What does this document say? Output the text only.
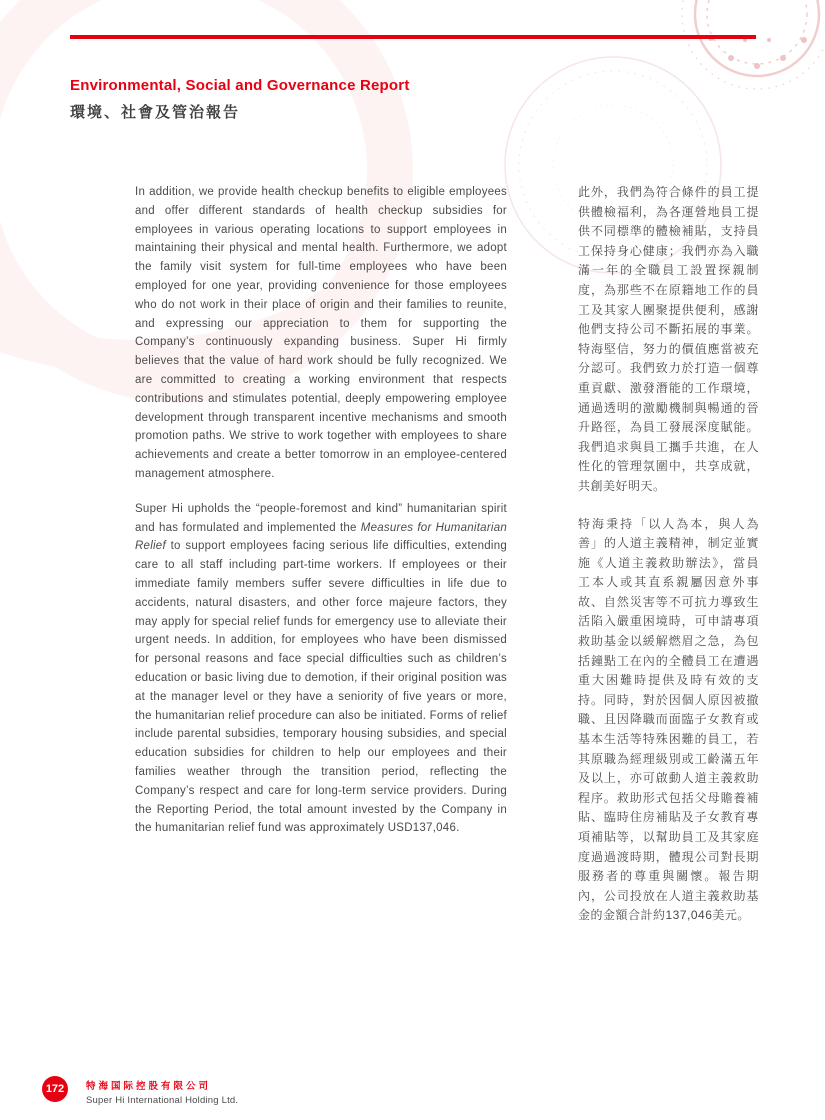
Environmental, Social and Governance Report
環境、社會及管治報告

In addition, we provide health checkup benefits to eligible employees and offer different standards of health checkup subsidies for employees in various operating locations to support employees in maintaining their physical and mental health. Furthermore, we adopt the family visit system for full-time employees who have been employed for one year, providing convenience for those employees who do not work in their place of origin and their families to reunite, and expressing our appreciation to them for supporting the Company’s continuously expanding business. Super Hi firmly believes that the value of hard work should be fully recognized. We are committed to creating a working environment that respects contributions and stimulates potential, deeply empowering employee development through transparent incentive mechanisms and smooth promotion paths. We strive to work together with employees to share achievements and create a better tomorrow in an employee-centered management atmosphere.

Super Hi upholds the “people-foremost and kind” humanitarian spirit and has formulated and implemented the Measures for Humanitarian Relief to support employees facing serious life difficulties, extending care to all staff including part-time workers. If employees or their immediate family members suffer severe difficulties in life due to accidents, natural disasters, and other force majeure factors, they may apply for special relief funds for emergency use to alleviate their urgent needs. In addition, for employees who have been dismissed for personal reasons and face special difficulties such as children’s education or basic living due to demotion, if their original position was at the manager level or they have a seniority of five years or more, the humanitarian relief procedure can also be initiated. Forms of relief include parental subsidies, temporary housing subsidies, and special education subsidies for children to help our employees and their families weather through the transition period, reflecting the Company’s respect and care for long-term service providers. During the Reporting Period, the total amount invested by the Company in the humanitarian relief fund was approximately USD137,046.

此外，我們為符合條件的員工提供體檢福利，為各運營地員工提供不同標準的體檢補貼，支持員工保持身心健康；我們亦為入職滿一年的全職員工設置探親制度，為那些不在原籍地工作的員工及其家人團聚提供便利，感謝他們支持公司不斷拓展的事業。特海堅信，努力的價值應當被充分認可。我們致力於打造一個尊重貢獻、激發潛能的工作環境，通過透明的激勵機制與暢通的晉升路徑，為員工發展深度賦能。我們追求與員工攜手共進，在人性化的管理氛圍中，共享成就，共創美好明天。

特海秉持「以人為本，與人為善」的人道主義精神，制定並實施《人道主義救助辦法》，當員工本人或其直系親屬因意外事故、自然災害等不可抗力導致生活陷入嚴重困境時，可申請專項救助基金以緩解燃眉之急，為包括鐘點工在內的全體員工在遭遇重大困難時提供及時有效的支持。同時，對於因個人原因被撤職、且因降職而面臨子女教育或基本生活等特殊困難的員工，若其原職為經理級別或工齡滿五年及以上，亦可啟動人道主義救助程序。救助形式包括父母贍養補貼、臨時住房補貼及子女教育專項補貼等，以幫助員工及其家庭度過過渡時期，體現公司對長期服務者的尊重與關懷。報告期內，公司投放在人道主義救助基金的金額合計約137,046美元。

172	特海国际控股有限公司
Super Hi International Holding Ltd.
